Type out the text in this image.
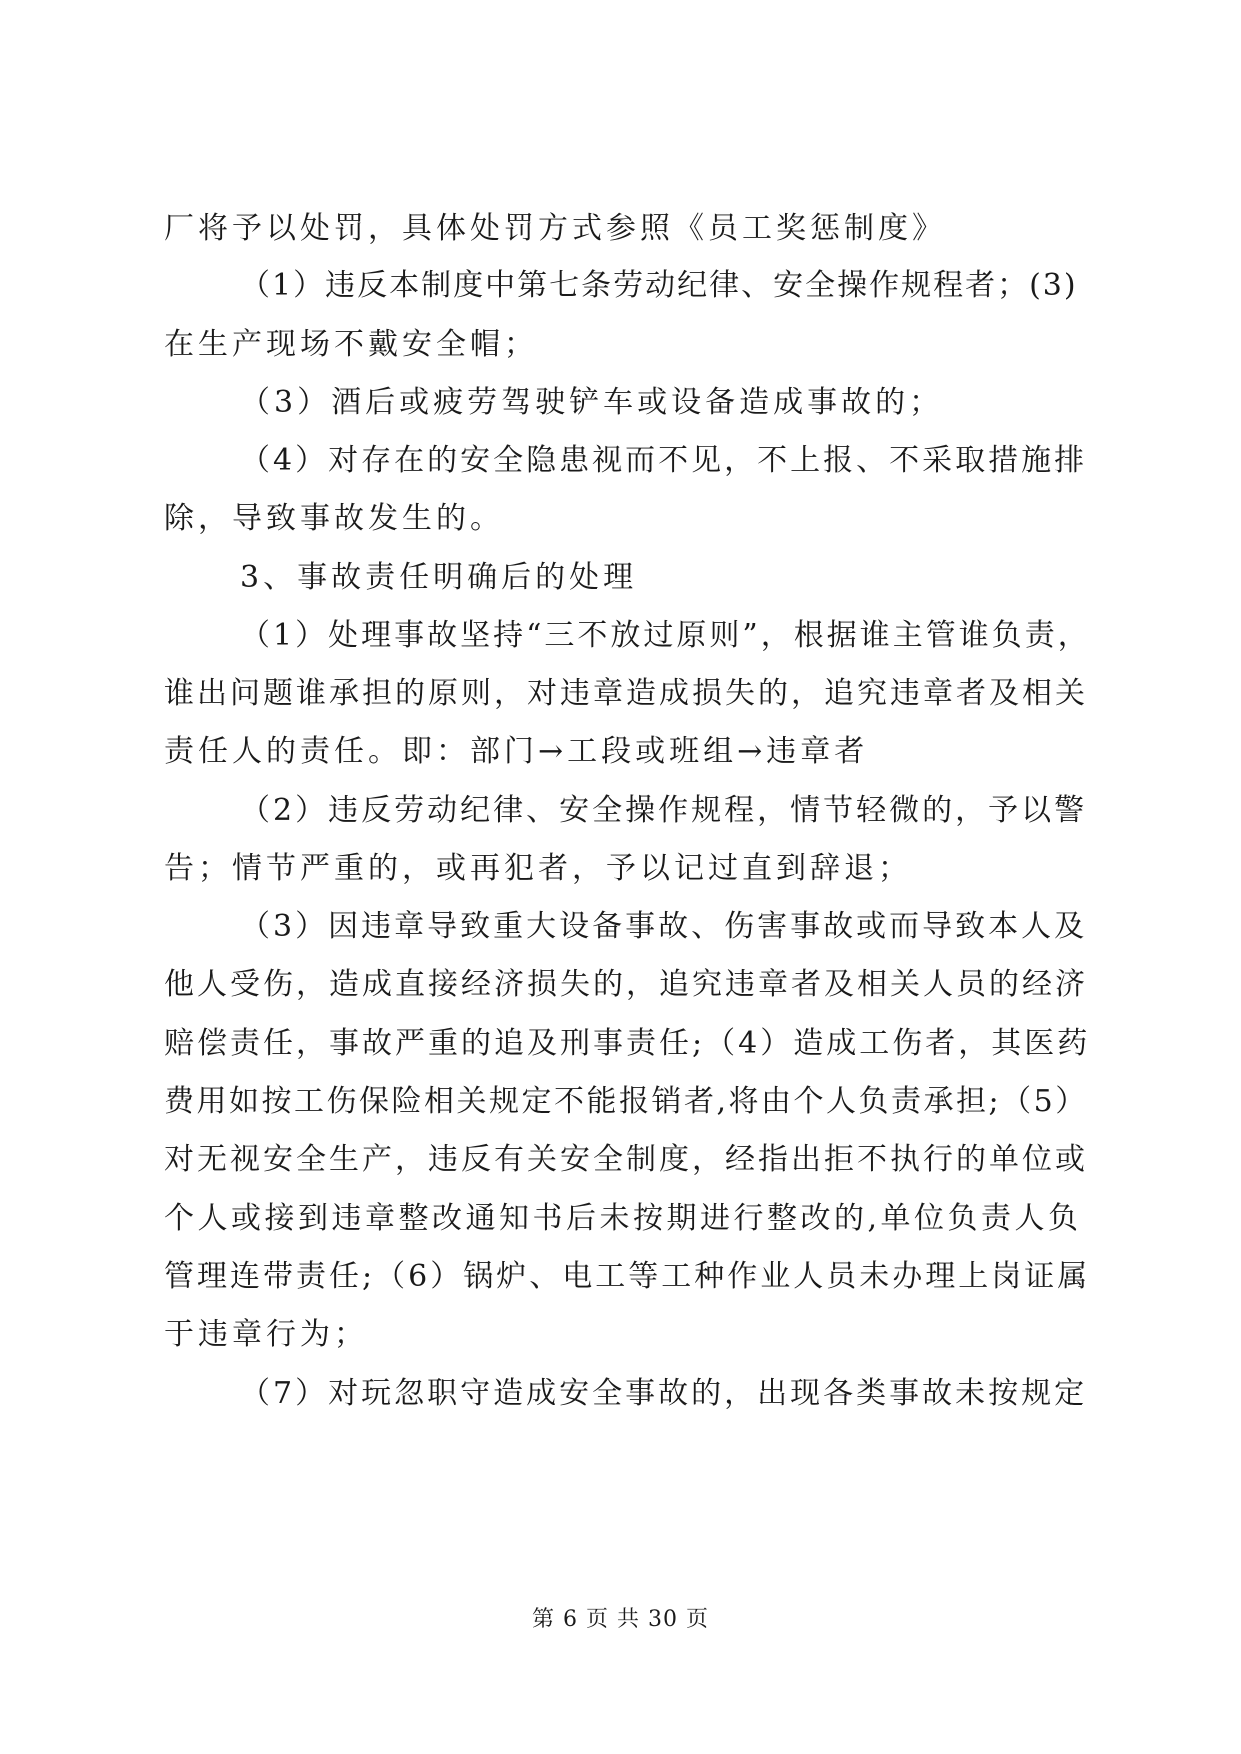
厂将予以处罚，具体处罚方式参照《员工奖惩制度》
（1）违反本制度中第七条劳动纪律、安全操作规程者；(3)
在生产现场不戴安全帽；
（3）酒后或疲劳驾驶铲车或设备造成事故的；
（4）对存在的安全隐患视而不见，不上报、不采取措施排
除，导致事故发生的。
3、事故责任明确后的处理
（1）处理事故坚持“三不放过原则”，根据谁主管谁负责，
谁出问题谁承担的原则，对违章造成损失的，追究违章者及相关
责任人的责任。即：部门→工段或班组→违章者
（2）违反劳动纪律、安全操作规程，情节轻微的，予以警
告；情节严重的，或再犯者，予以记过直到辞退；
（3）因违章导致重大设备事故、伤害事故或而导致本人及
他人受伤，造成直接经济损失的，追究违章者及相关人员的经济
赔偿责任，事故严重的追及刑事责任;（4）造成工伤者，其医药
费用如按工伤保险相关规定不能报销者,将由个人负责承担;（5）
对无视安全生产，违反有关安全制度，经指出拒不执行的单位或
个人或接到违章整改通知书后未按期进行整改的,单位负责人负
管理连带责任;（6）锅炉、电工等工种作业人员未办理上岗证属
于违章行为；
（7）对玩忽职守造成安全事故的，出现各类事故未按规定
第 6 页 共 30 页
